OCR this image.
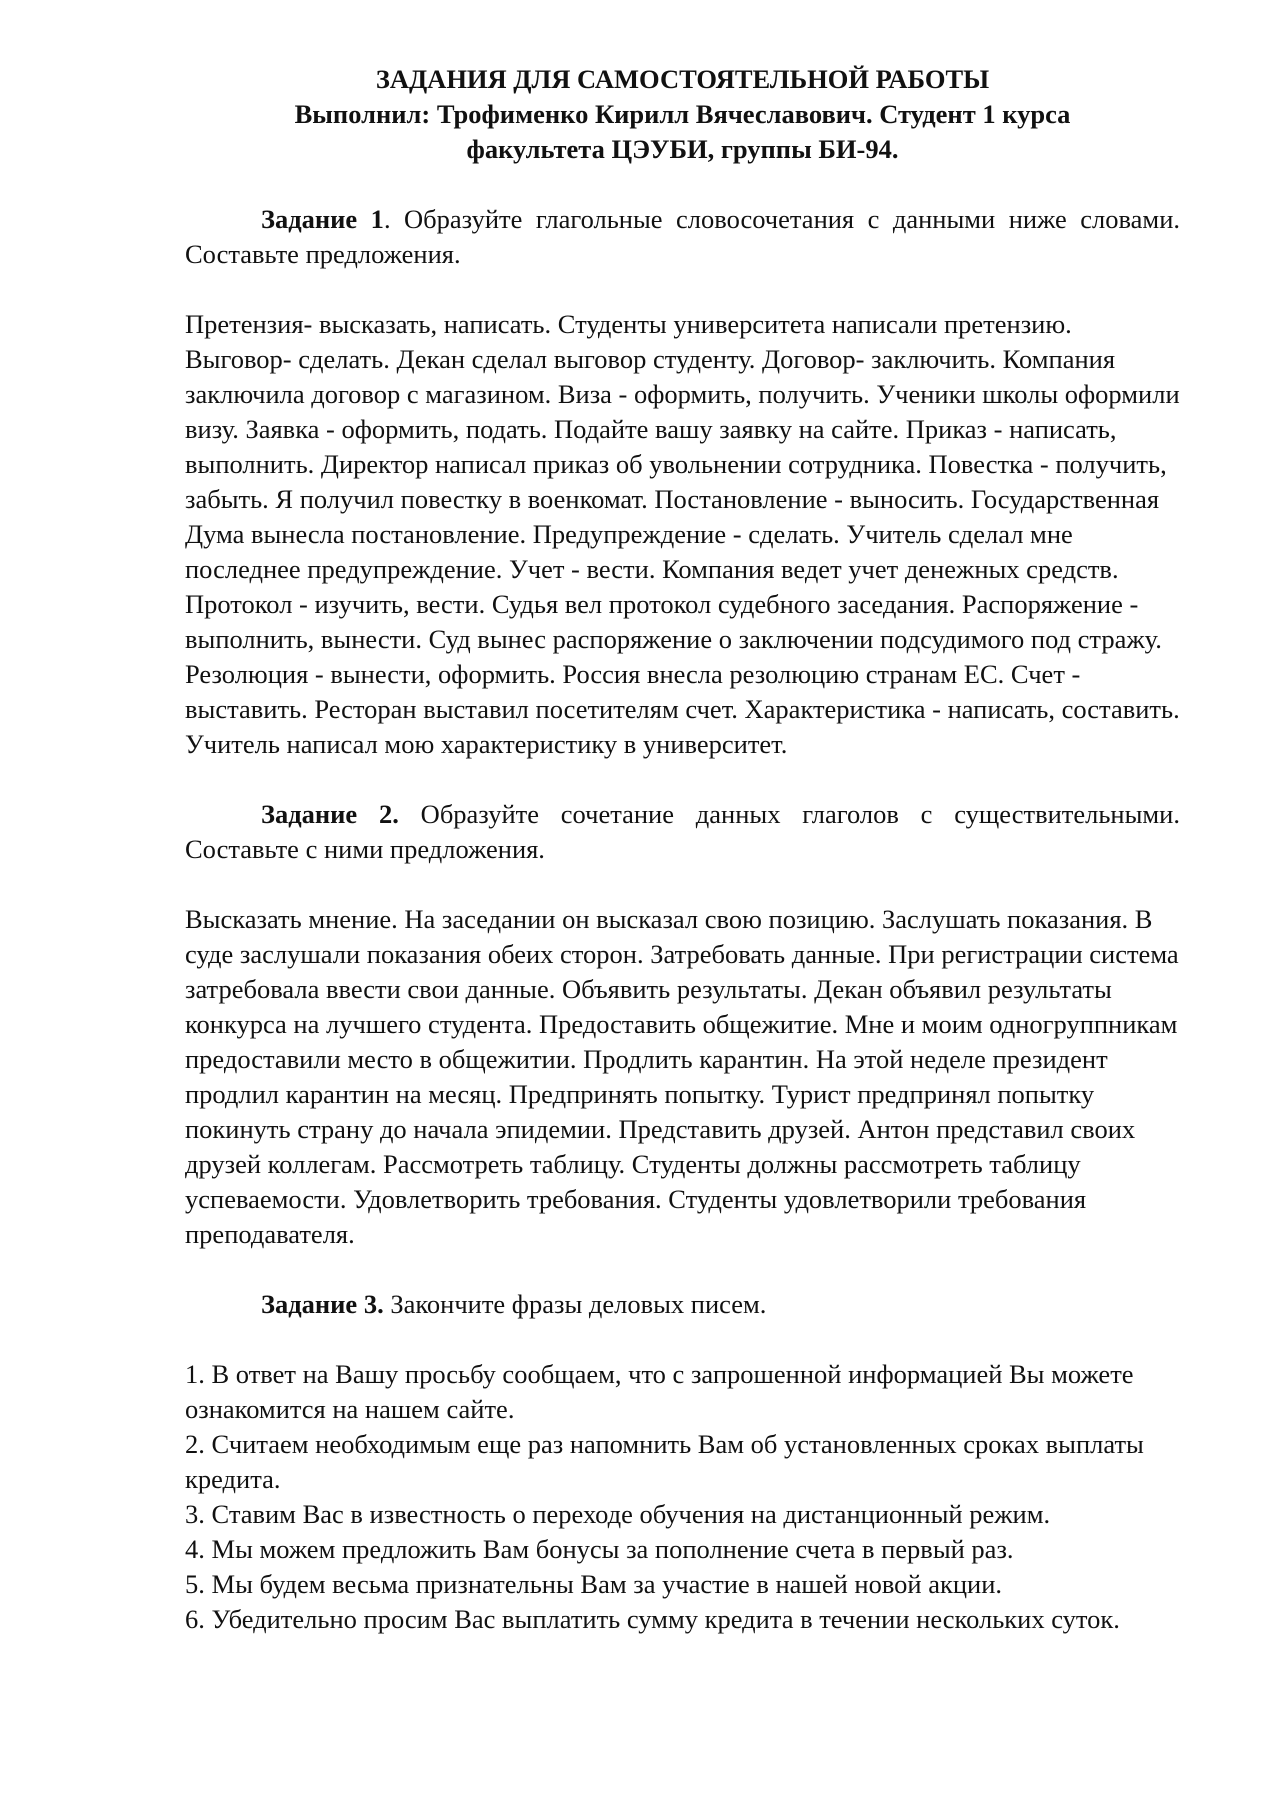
ЗАДАНИЯ ДЛЯ САМОСТОЯТЕЛЬНОЙ РАБОТЫ

Выполнил: Трофименко Кирилл Вячеславович. Студент 1 курса

факультета ЦЭУБИ, группы БИ-94.

Задание 1. Образуйте глагольные словосочетания с данными ниже словами. Составьте предложения.

Претензия- высказать, написать. Студенты университета написали претензию. Выговор- сделать. Декан сделал выговор студенту. Договор- заключить. Компания заключила договор с магазином. Виза - оформить, получить. Ученики школы оформили визу. Заявка - оформить, подать. Подайте вашу заявку на сайте. Приказ - написать, выполнить. Директор написал приказ об увольнении сотрудника. Повестка - получить, забыть. Я получил повестку в военкомат. Постановление - выносить. Государственная Дума вынесла постановление. Предупреждение - сделать. Учитель сделал мне последнее предупреждение. Учет - вести. Компания ведет учет денежных средств. Протокол - изучить, вести. Судья вел протокол судебного заседания. Распоряжение - выполнить, вынести. Суд вынес распоряжение о заключении подсудимого под стражу. Резолюция - вынести, оформить. Россия внесла резолюцию странам ЕС. Счет - выставить. Ресторан выставил посетителям счет. Характеристика - написать, составить. Учитель написал мою характеристику в университет.

Задание 2. Образуйте сочетание данных глаголов с существительными. Составьте с ними предложения.

Высказать мнение. На заседании он высказал свою позицию. Заслушать показания. В суде заслушали показания обеих сторон. Затребовать данные. При регистрации система затребовала ввести свои данные. Объявить результаты. Декан объявил результаты конкурса на лучшего студента. Предоставить общежитие. Мне и моим одногруппникам предоставили место в общежитии. Продлить карантин. На этой неделе президент продлил карантин на месяц. Предпринять попытку. Турист предпринял попытку покинуть страну до начала эпидемии. Представить друзей. Антон представил своих друзей коллегам. Рассмотреть таблицу. Студенты должны рассмотреть таблицу успеваемости. Удовлетворить требования. Студенты удовлетворили требования преподавателя.

Задание 3. Закончите фразы деловых писем.

1. В ответ на Вашу просьбу сообщаем, что с запрошенной информацией Вы можете ознакомится на нашем сайте.
2. Считаем необходимым еще раз напомнить Вам об установленных сроках выплаты кредита.
3. Ставим Вас в известность о переходе обучения на дистанционный режим.
4. Мы можем предложить Вам бонусы за пополнение счета в первый раз.
5. Мы будем весьма признательны Вам за участие в нашей новой акции.
6. Убедительно просим Вас выплатить сумму кредита в течении нескольких суток.
